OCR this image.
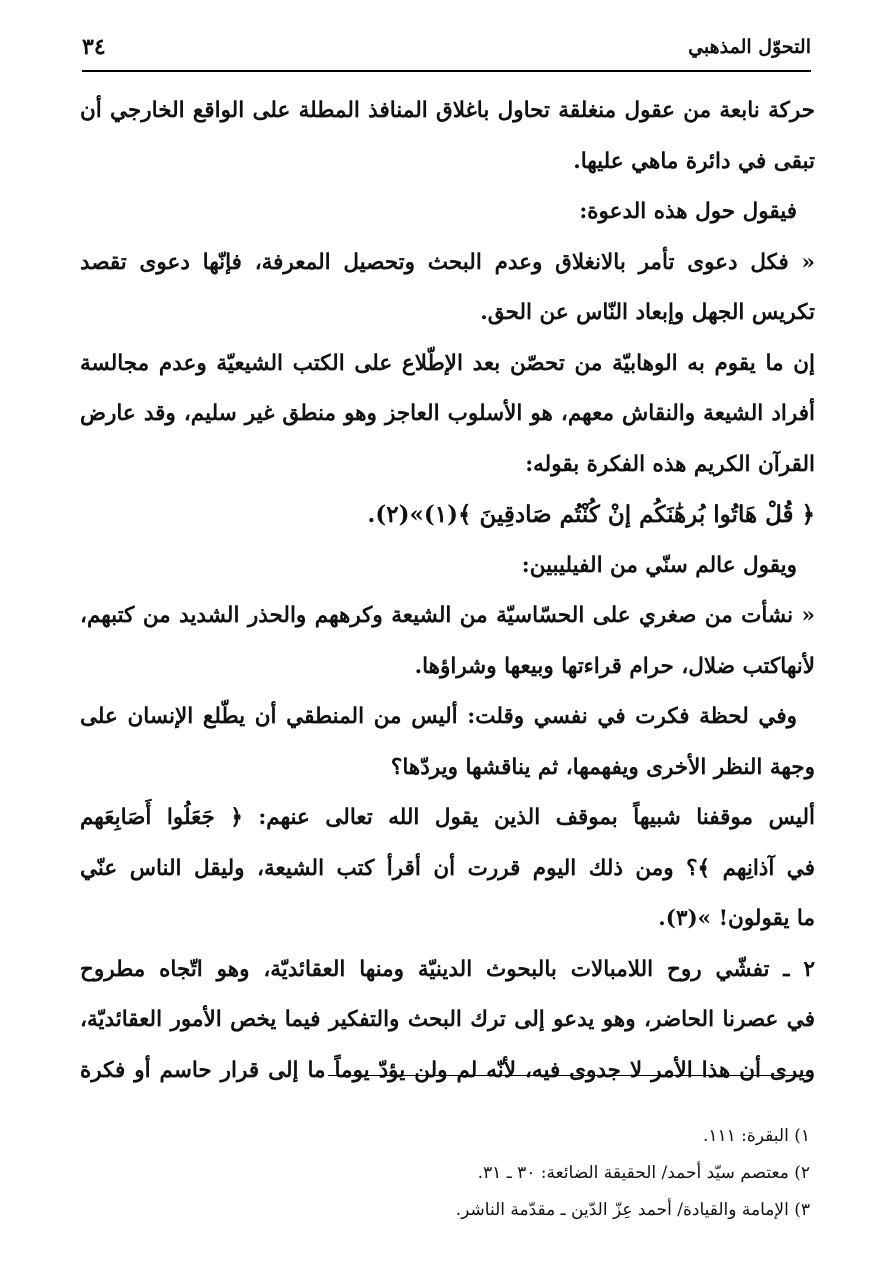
التحوّل المذهبي
٣٤
حركة نابعة من عقول منغلقة تحاول باغلاق المنافذ المطلة على الواقع الخارجي أن
تبقى في دائرة ماهي عليها.
فيقول حول هذه الدعوة:
« فكل دعوى تأمر بالانغلاق وعدم البحث وتحصيل المعرفة، فإنّها دعوى تقصد
تكريس الجهل وإبعاد النّاس عن الحق.
إن ما يقوم به الوهابيّة من تحصّن بعد الإطّلاع على الكتب الشيعيّة وعدم مجالسة
أفراد الشيعة والنقاش معهم، هو الأسلوب العاجز وهو منطق غير سليم، وقد عارض
القرآن الكريم هذه الفكرة بقوله:
﴿ قُلْ هَاتُوا بُرهَٰنَكُم إنْ كُنْتُم صَادقِينَ ﴾(١)»(٢).
ويقول عالم سنّي من الفيليبين:
« نشأت من صغري على الحسّاسيّة من الشيعة وكرههم والحذر الشديد من كتبهم،
لأنهاكتب ضلال، حرام قراءتها وبيعها وشراؤها.
وفي لحظة فكرت في نفسي وقلت: أليس من المنطقي أن يطّلع الإنسان على
وجهة النظر الأخرى ويفهمها، ثم يناقشها ويردّها؟
أليس موقفنا شبيهاً بموقف الذين يقول الله تعالى عنهم: ﴿ جَعَلُوا أَصَابِعَهم
في آذانِهم ﴾؟ ومن ذلك اليوم قررت أن أقرأ كتب الشيعة، وليقل الناس عنّي
ما يقولون! »(٣).
٢ ـ تفشّي روح اللامبالات بالبحوث الدينيّة ومنها العقائديّة، وهو اتّجاه مطروح
في عصرنا الحاضر، وهو يدعو إلى ترك البحث والتفكير فيما يخص الأمور العقائديّة،
ويرى أن هذا الأمر لا جدوى فيه، لأنّه لم ولن يؤدّ يوماً ما إلى قرار حاسم أو فكرة
١) البقرة: ١١١.
٢) معتصم سيّد أحمد/ الحقيقة الضائعة: ٣٠ ـ ٣١.
٣) الإمامة والقيادة/ أحمد عِزّ الدّين ـ مقدّمة الناشر.
